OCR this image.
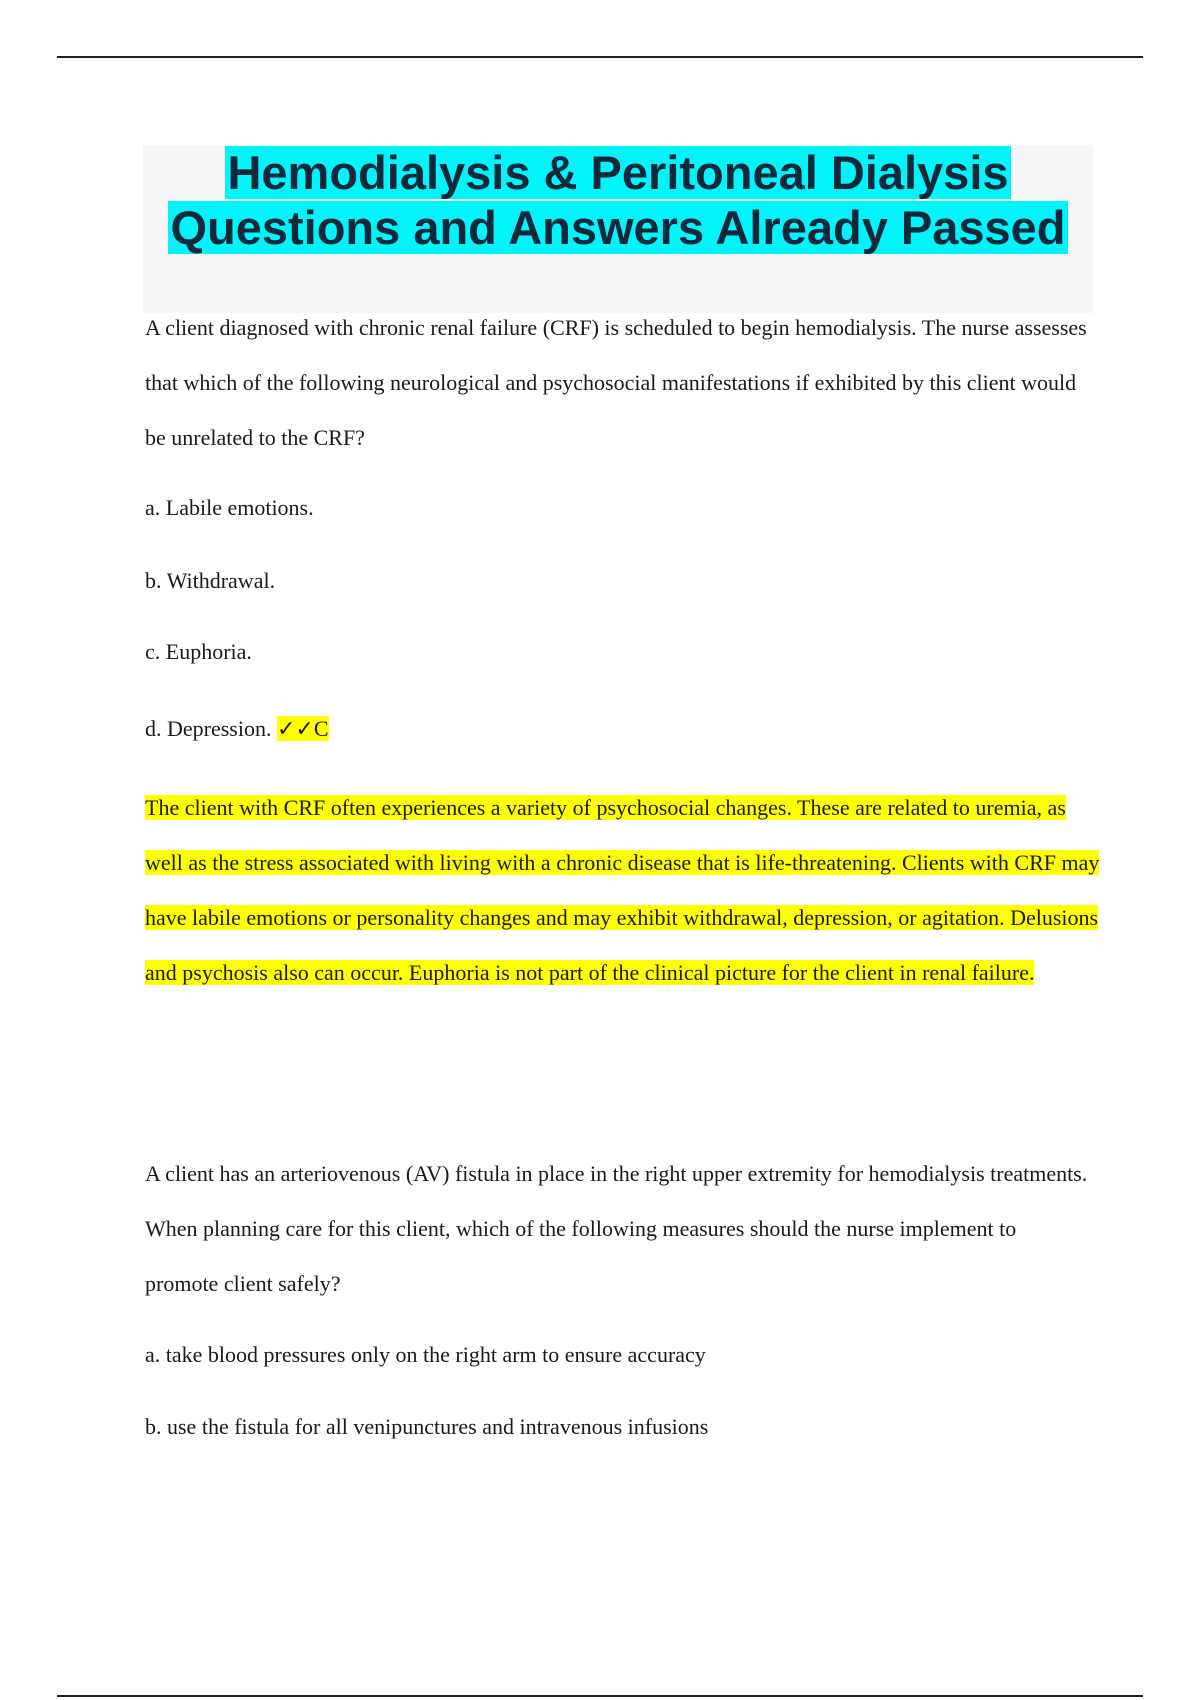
Hemodialysis & Peritoneal Dialysis
Questions and Answers Already Passed

A client diagnosed with chronic renal failure (CRF) is scheduled to begin hemodialysis. The nurse assesses that which of the following neurological and psychosocial manifestations if exhibited by this client would be unrelated to the CRF?

a. Labile emotions.

b. Withdrawal.

c. Euphoria.

d. Depression. ✓✓C

The client with CRF often experiences a variety of psychosocial changes. These are related to uremia, as well as the stress associated with living with a chronic disease that is life-threatening. Clients with CRF may have labile emotions or personality changes and may exhibit withdrawal, depression, or agitation. Delusions and psychosis also can occur. Euphoria is not part of the clinical picture for the client in renal failure.

A client has an arteriovenous (AV) fistula in place in the right upper extremity for hemodialysis treatments. When planning care for this client, which of the following measures should the nurse implement to promote client safely?

a. take blood pressures only on the right arm to ensure accuracy

b. use the fistula for all venipunctures and intravenous infusions
